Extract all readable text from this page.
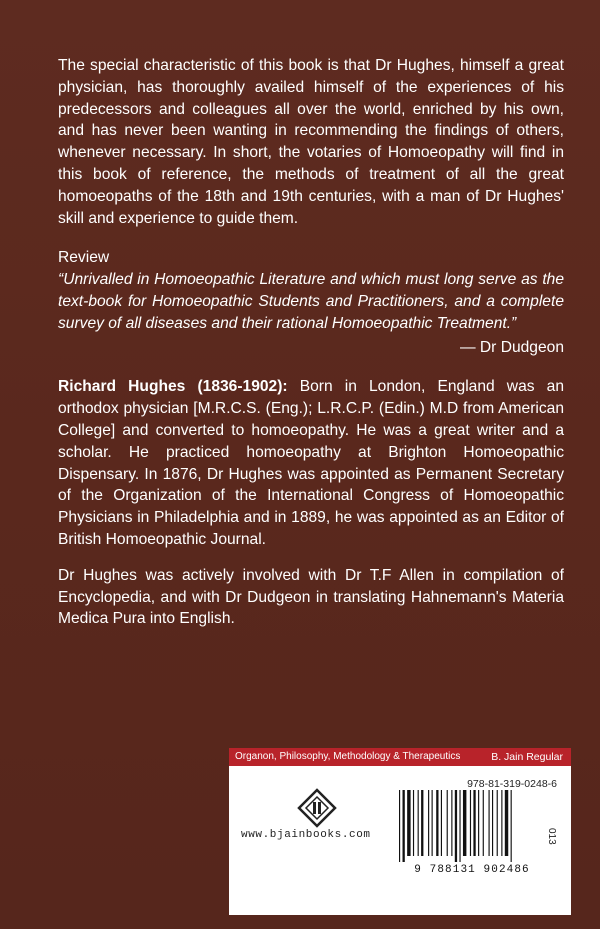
The special characteristic of this book is that Dr Hughes, himself a great physician, has thoroughly availed himself of the experiences of his predecessors and colleagues all over the world, enriched by his own, and has never been wanting in recommending the findings of others, whenever necessary. In short, the votaries of Homoeopathy will find in this book of reference, the methods of treatment of all the great homoeopaths of the 18th and 19th centuries, with a man of Dr Hughes' skill and experience to guide them.

Review

“Unrivalled in Homoeopathic Literature and which must long serve as the text-book for Homoeopathic Students and Practitioners, and a complete survey of all diseases and their rational Homoeopathic Treatment.”

— Dr Dudgeon

Richard Hughes (1836-1902): Born in London, England was an orthodox physician [M.R.C.S. (Eng.); L.R.C.P. (Edin.) M.D from American College] and converted to homoeopathy. He was a great writer and a scholar. He practiced homoeopathy at Brighton Homoeopathic Dispensary. In 1876, Dr Hughes was appointed as Permanent Secretary of the Organization of the International Congress of Homoeopathic Physicians in Philadelphia and in 1889, he was appointed as an Editor of British Homoeopathic Journal.

Dr Hughes was actively involved with Dr T.F Allen in compilation of Encyclopedia, and with Dr Dudgeon in translating Hahnemann's Materia Medica Pura into English.

Organon, Philosophy, Methodology & Therapeutics	B. Jain Regular
978-81-319-0248-6
www.bjainbooks.com
9 788131 902486
013
